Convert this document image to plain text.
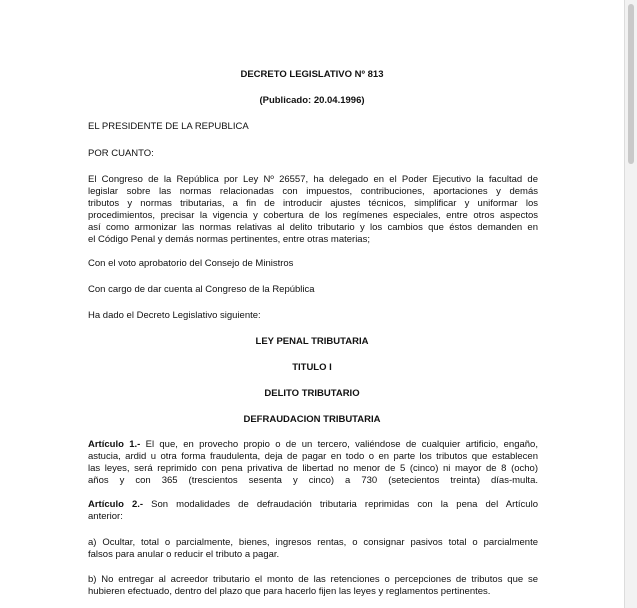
DECRETO LEGISLATIVO Nº 813
(Publicado: 20.04.1996)
EL PRESIDENTE DE LA REPUBLICA
POR CUANTO:
El Congreso de la República por Ley Nº 26557, ha delegado en el Poder Ejecutivo la facultad de
legislar sobre las normas relacionadas con impuestos, contribuciones, aportaciones y demás
tributos y normas tributarias, a fin de introducir ajustes técnicos, simplificar y uniformar los
procedimientos, precisar la vigencia y cobertura de los regímenes especiales, entre otros aspectos
así como armonizar las normas relativas al delito tributario y los cambios que éstos demanden en
el Código Penal y demás normas pertinentes, entre otras materias;
Con el voto aprobatorio del Consejo de Ministros
Con cargo de dar cuenta al Congreso de la República
Ha dado el Decreto Legislativo siguiente:
LEY PENAL TRIBUTARIA
TITULO I
DELITO TRIBUTARIO
DEFRAUDACION TRIBUTARIA
Artículo 1.- El que, en provecho propio o de un tercero, valiéndose de cualquier artificio, engaño,
astucia, ardid u otra forma fraudulenta, deja de pagar en todo o en parte los tributos que establecen
las leyes, será reprimido con pena privativa de libertad no menor de 5 (cinco) ni mayor de 8 (ocho)
años y con 365 (trescientos sesenta y cinco) a 730 (setecientos treinta) días-multa.
Artículo 2.- Son modalidades de defraudación tributaria reprimidas con la pena del Artículo
anterior:
a) Ocultar, total o parcialmente, bienes, ingresos rentas, o consignar pasivos total o parcialmente
falsos para anular o reducir el tributo a pagar.
b) No entregar al acreedor tributario el monto de las retenciones o percepciones de tributos que se
hubieren efectuado, dentro del plazo que para hacerlo fijen las leyes y reglamentos pertinentes.
